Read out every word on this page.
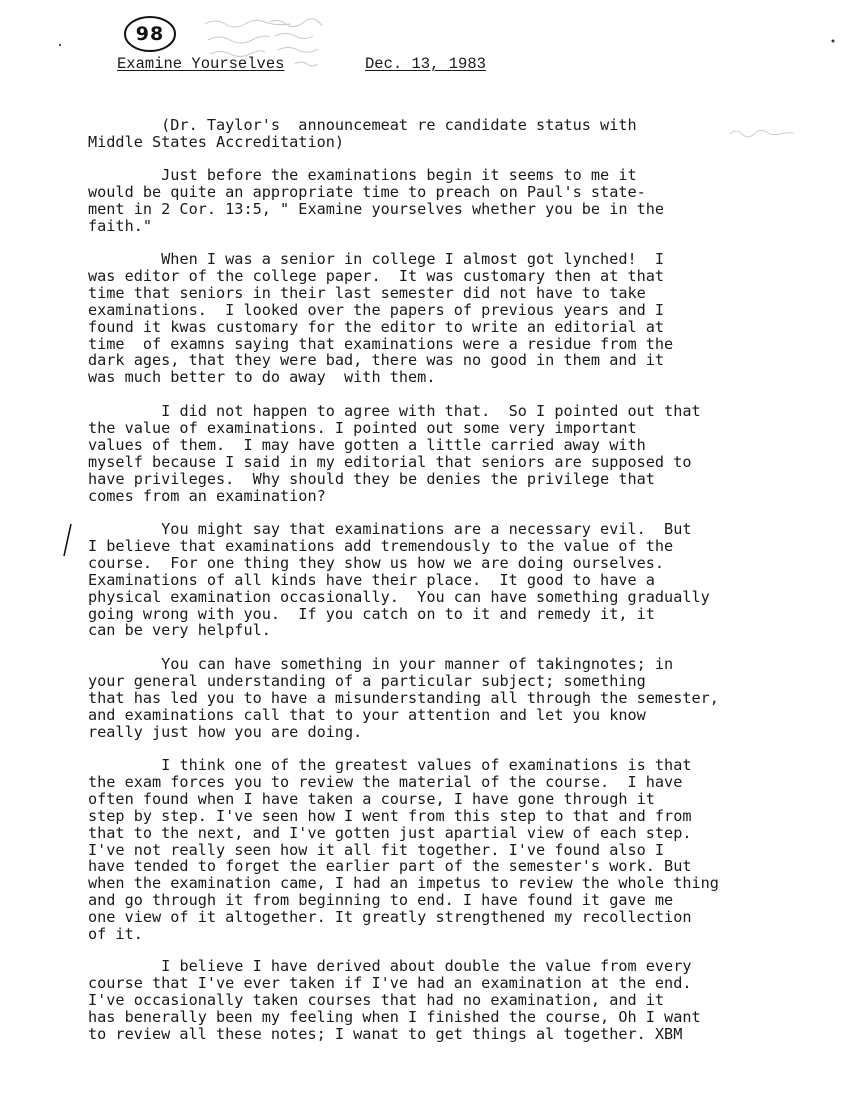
98
Examine Yourselves	Dec. 13, 1983
(Dr. Taylor's  announcemeat re candidate status with
Middle States Accreditation)
Just before the examinations begin it seems to me it
would be quite an appropriate time to preach on Paul's state-
ment in 2 Cor. 13:5, " Examine yourselves whether you be in the
faith."
When I was a senior in college I almost got lynched!  I
was editor of the college paper.  It was customary then at that
time that seniors in their last semester did not have to take
examinations.  I looked over the papers of previous years and I
found it kwas customary for the editor to write an editorial at
time  of examns saying that examinations were a residue from the
dark ages, that they were bad, there was no good in them and it
was much better to do away  with them.
I did not happen to agree with that.  So I pointed out that
the value of examinations. I pointed out some very important
values of them.  I may have gotten a little carried away with
myself because I said in my editorial that seniors are supposed to
have privileges.  Why should they be denies the privilege that
comes from an examination?
You might say that examinations are a necessary evil.  But
I believe that examinations add tremendously to the value of the
course.  For one thing they show us how we are doing ourselves.
Examinations of all kinds have their place.  It good to have a
physical examination occasionally.  You can have something gradually
going wrong with you.  If you catch on to it and remedy it, it
can be very helpful.
You can have something in your manner of takingnotes; in
your general understanding of a particular subject; something
that has led you to have a misunderstanding all through the semester,
and examinations call that to your attention and let you know
really just how you are doing.
I think one of the greatest values of examinations is that
the exam forces you to review the material of the course.  I have
often found when I have taken a course, I have gone through it
step by step. I've seen how I went from this step to that and from
that to the next, and I've gotten just apartial view of each step.
I've not really seen how it all fit together. I've found also I
have tended to forget the earlier part of the semester's work. But
when the examination came, I had an impetus to review the whole thing
and go through it from beginning to end. I have found it gave me
one view of it altogether. It greatly strengthened my recollection
of it.
I believe I have derived about double the value from every
course that I've ever taken if I've had an examination at the end.
I've occasionally taken courses that had no examination, and it
has benerally been my feeling when I finished the course, Oh I want
to review all these notes; I wanat to get things al together. XBM
